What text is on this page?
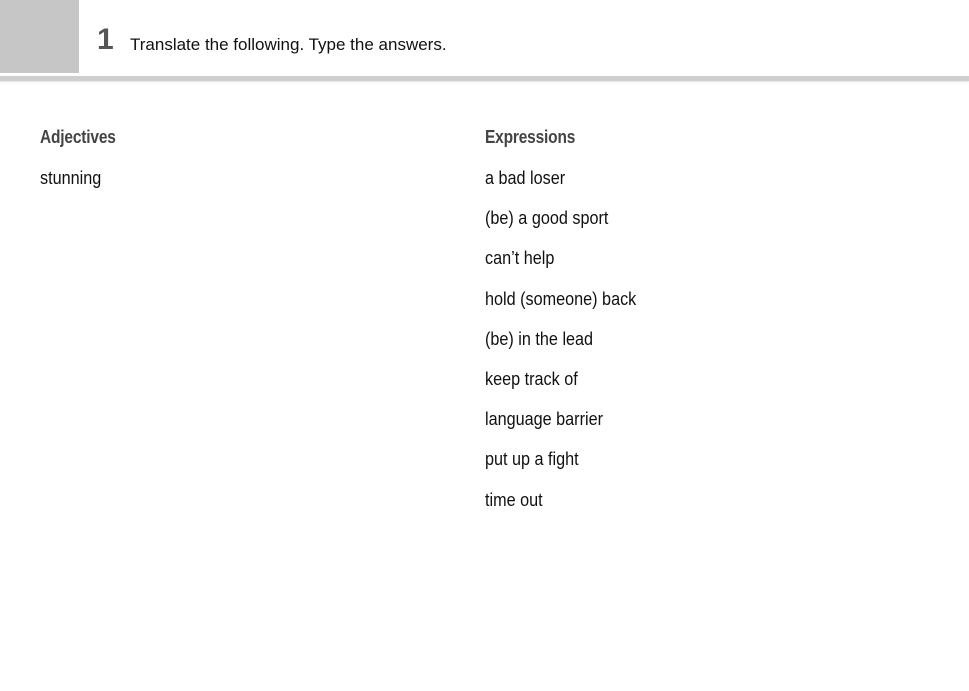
1 Translate the following. Type the answers.
Adjectives
stunning
Expressions
a bad loser
(be) a good sport
can’t help
hold (someone) back
(be) in the lead
keep track of
language barrier
put up a fight
time out
